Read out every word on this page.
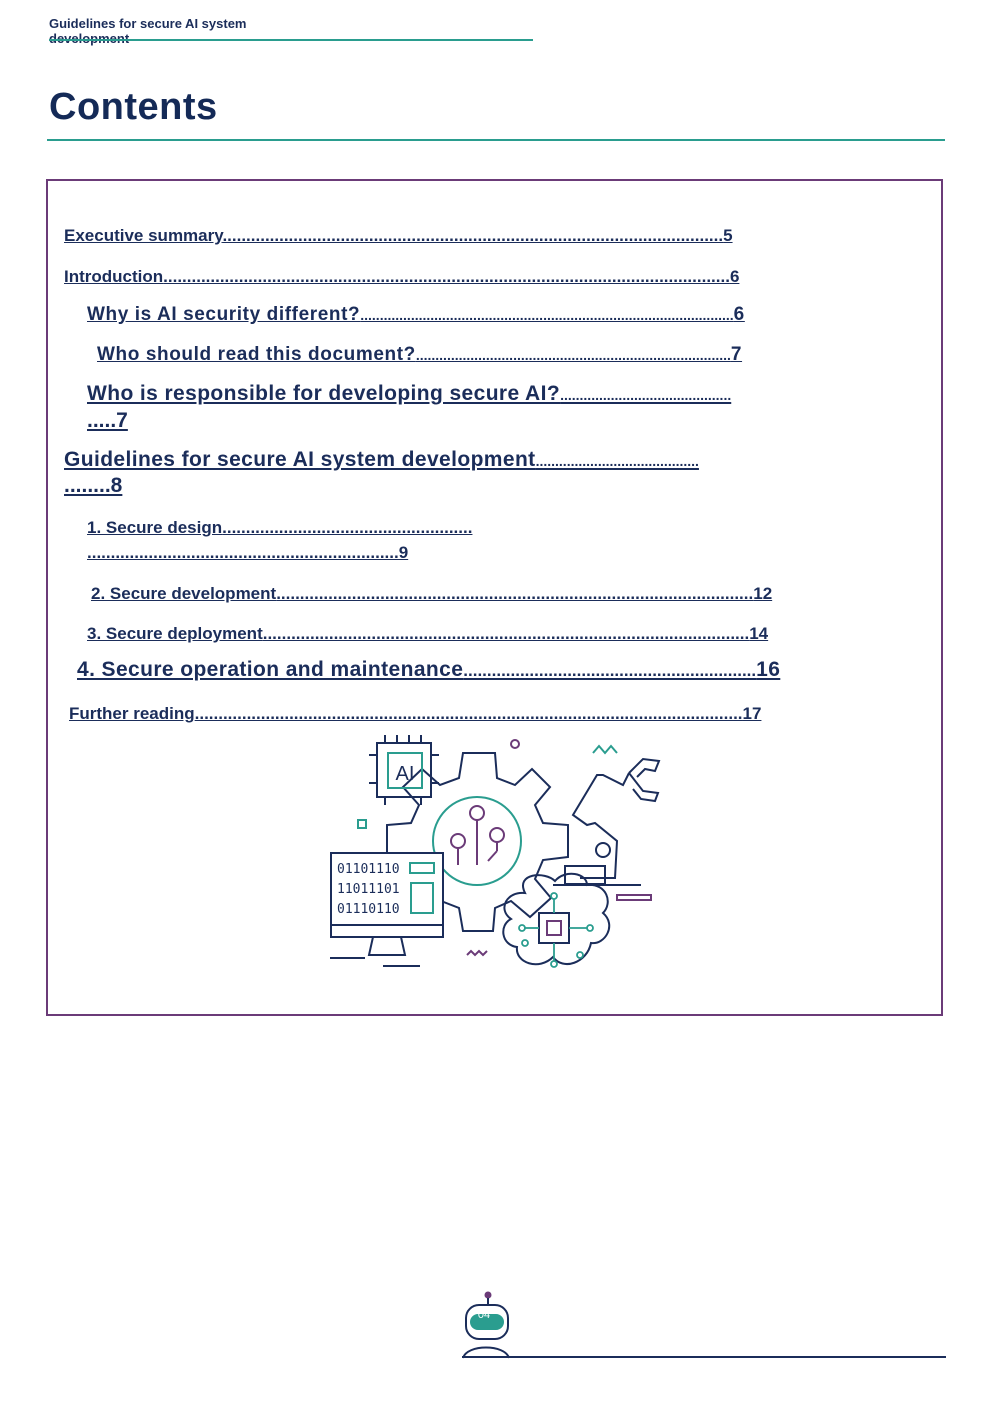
Guidelines for secure AI system
Contents
Executive summary..........................................................................................................5
Introduction........................................................................................................................6
Why is AI security different?................................................................................................6
Who should read this document?.................................................................................7
Who is responsible for developing secure AI?............................................
.....7
Guidelines for secure AI system development..........................................
........8
1. Secure design.....................................................
..................................................................9
2. Secure development.....................................................................................................12
3. Secure deployment.......................................................................................................14
4. Secure operation and maintenance..............................................................16
Further reading....................................................................................................................17
AI
01101110
11011101
01110110
04
